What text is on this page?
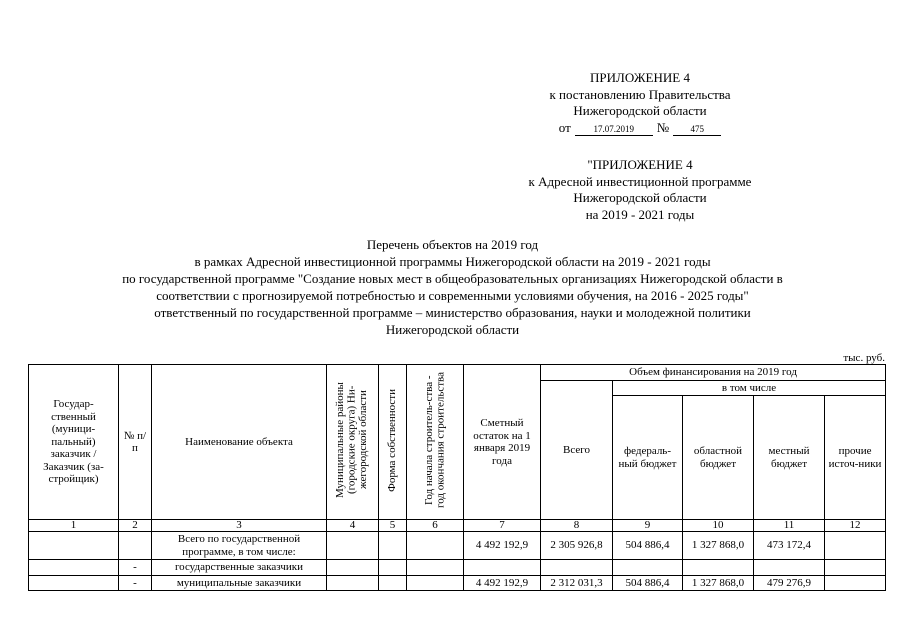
ПРИЛОЖЕНИЕ 4
к постановлению Правительства
Нижегородской области
от	17.07.2019	№	475
"ПРИЛОЖЕНИЕ 4
к Адресной инвестиционной программе
Нижегородской области
на 2019 - 2021 годы
Перечень объектов на 2019 год
в рамках Адресной инвестиционной программы Нижегородской области на 2019 - 2021 годы
по государственной программе "Создание новых мест в общеобразовательных организациях Нижегородской области в
соответствии с прогнозируемой потребностью и современными условиями обучения, на 2016 - 2025 годы"
ответственный по государственной программе – министерство образования, науки и молодежной политики
Нижегородской области
тыс. руб.
Государ-ственный (муници-пальный) заказчик / Заказчик (за-стройщик)	№ п/п	Наименование объекта	Муниципальные районы (городские округа) Ни-жегородской области	Форма собственности	Год начала строитель-ства - год окончания строительства	Сметный остаток на 1 января 2019 года	Объем финансирования на 2019 год				
							Всего	в том числе			
								федераль-ный бюджет	областной бюджет	местный бюджет	прочие источ-ники
1	2	3	4	5	6	7	8	9	10	11	12
		Всего по государственной программе, в том числе:				4 492 192,9	2 305 926,8	504 886,4	1 327 868,0	473 172,4	
	-	государственные заказчики									
	-	муниципальные заказчики				4 492 192,9	2 312 031,3	504 886,4	1 327 868,0	479 276,9	
